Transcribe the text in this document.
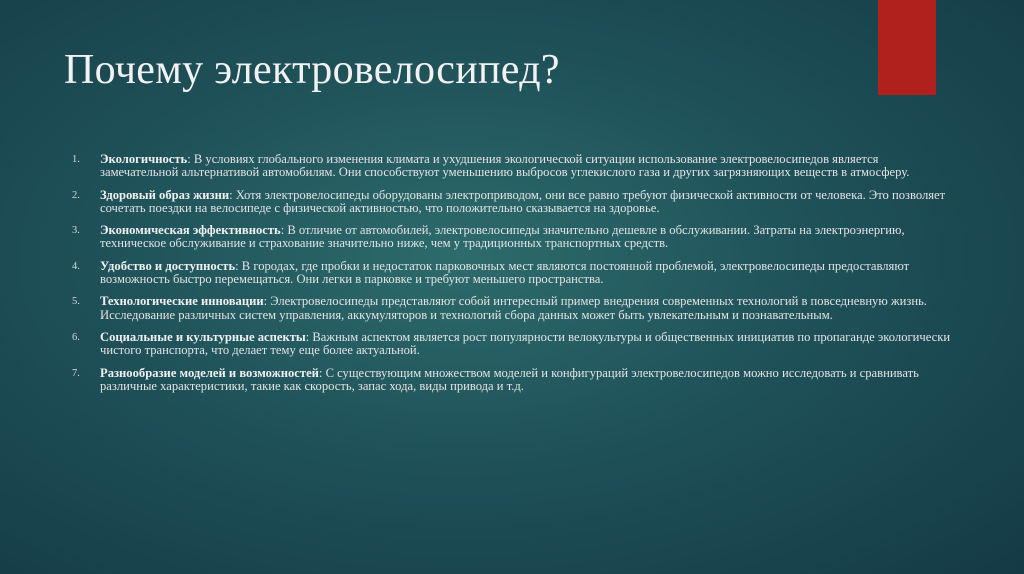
Почему электровелосипед?
1.	Экологичность: В условиях глобального изменения климата и ухудшения экологической ситуации использование электровелосипедов является замечательной альтернативой автомобилям. Они способствуют уменьшению выбросов углекислого газа и других загрязняющих веществ в атмосферу.
2.	Здоровый образ жизни: Хотя электровелосипеды оборудованы электроприводом, они все равно требуют физической активности от человека. Это позволяет сочетать поездки на велосипеде с физической активностью, что положительно сказывается на здоровье.
3.	Экономическая эффективность: В отличие от автомобилей, электровелосипеды значительно дешевле в обслуживании. Затраты на электроэнергию, техническое обслуживание и страхование значительно ниже, чем у традиционных транспортных средств.
4.	Удобство и доступность: В городах, где пробки и недостаток парковочных мест являются постоянной проблемой, электровелосипеды предоставляют возможность быстро перемещаться. Они легки в парковке и требуют меньшего пространства.
5.	Технологические инновации: Электровелосипеды представляют собой интересный пример внедрения современных технологий в повседневную жизнь. Исследование различных систем управления, аккумуляторов и технологий сбора данных может быть увлекательным и познавательным.
6.	Социальные и культурные аспекты: Важным аспектом является рост популярности велокультуры и общественных инициатив по пропаганде экологически чистого транспорта, что делает тему еще более актуальной.
7.	Разнообразие моделей и возможностей: С существующим множеством моделей и конфигураций электровелосипедов можно исследовать и сравнивать различные характеристики, такие как скорость, запас хода, виды привода и т.д.
